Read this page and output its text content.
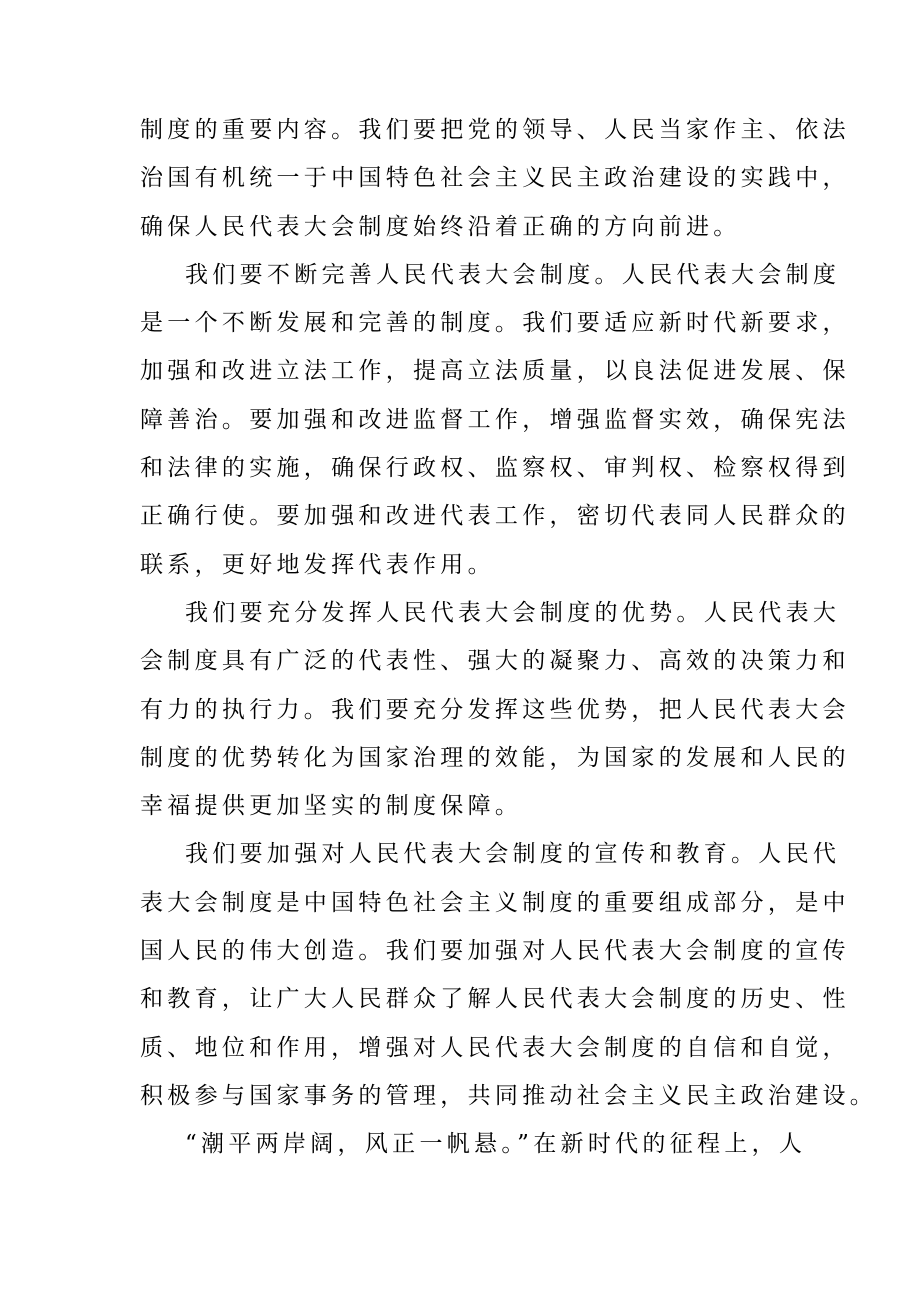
制度的重要内容。我们要把党的领导、人民当家作主、依法
治国有机统一于中国特色社会主义民主政治建设的实践中，
确保人民代表大会制度始终沿着正确的方向前进。
我们要不断完善人民代表大会制度。人民代表大会制度
是一个不断发展和完善的制度。我们要适应新时代新要求，
加强和改进立法工作，提高立法质量，以良法促进发展、保
障善治。要加强和改进监督工作，增强监督实效，确保宪法
和法律的实施，确保行政权、监察权、审判权、检察权得到
正确行使。要加强和改进代表工作，密切代表同人民群众的
联系，更好地发挥代表作用。
我们要充分发挥人民代表大会制度的优势。人民代表大
会制度具有广泛的代表性、强大的凝聚力、高效的决策力和
有力的执行力。我们要充分发挥这些优势，把人民代表大会
制度的优势转化为国家治理的效能，为国家的发展和人民的
幸福提供更加坚实的制度保障。
我们要加强对人民代表大会制度的宣传和教育。人民代
表大会制度是中国特色社会主义制度的重要组成部分，是中
国人民的伟大创造。我们要加强对人民代表大会制度的宣传
和教育，让广大人民群众了解人民代表大会制度的历史、性
质、地位和作用，增强对人民代表大会制度的自信和自觉，
积极参与国家事务的管理，共同推动社会主义民主政治建设。
“潮平两岸阔，风正一帆悬。”在新时代的征程上，人
